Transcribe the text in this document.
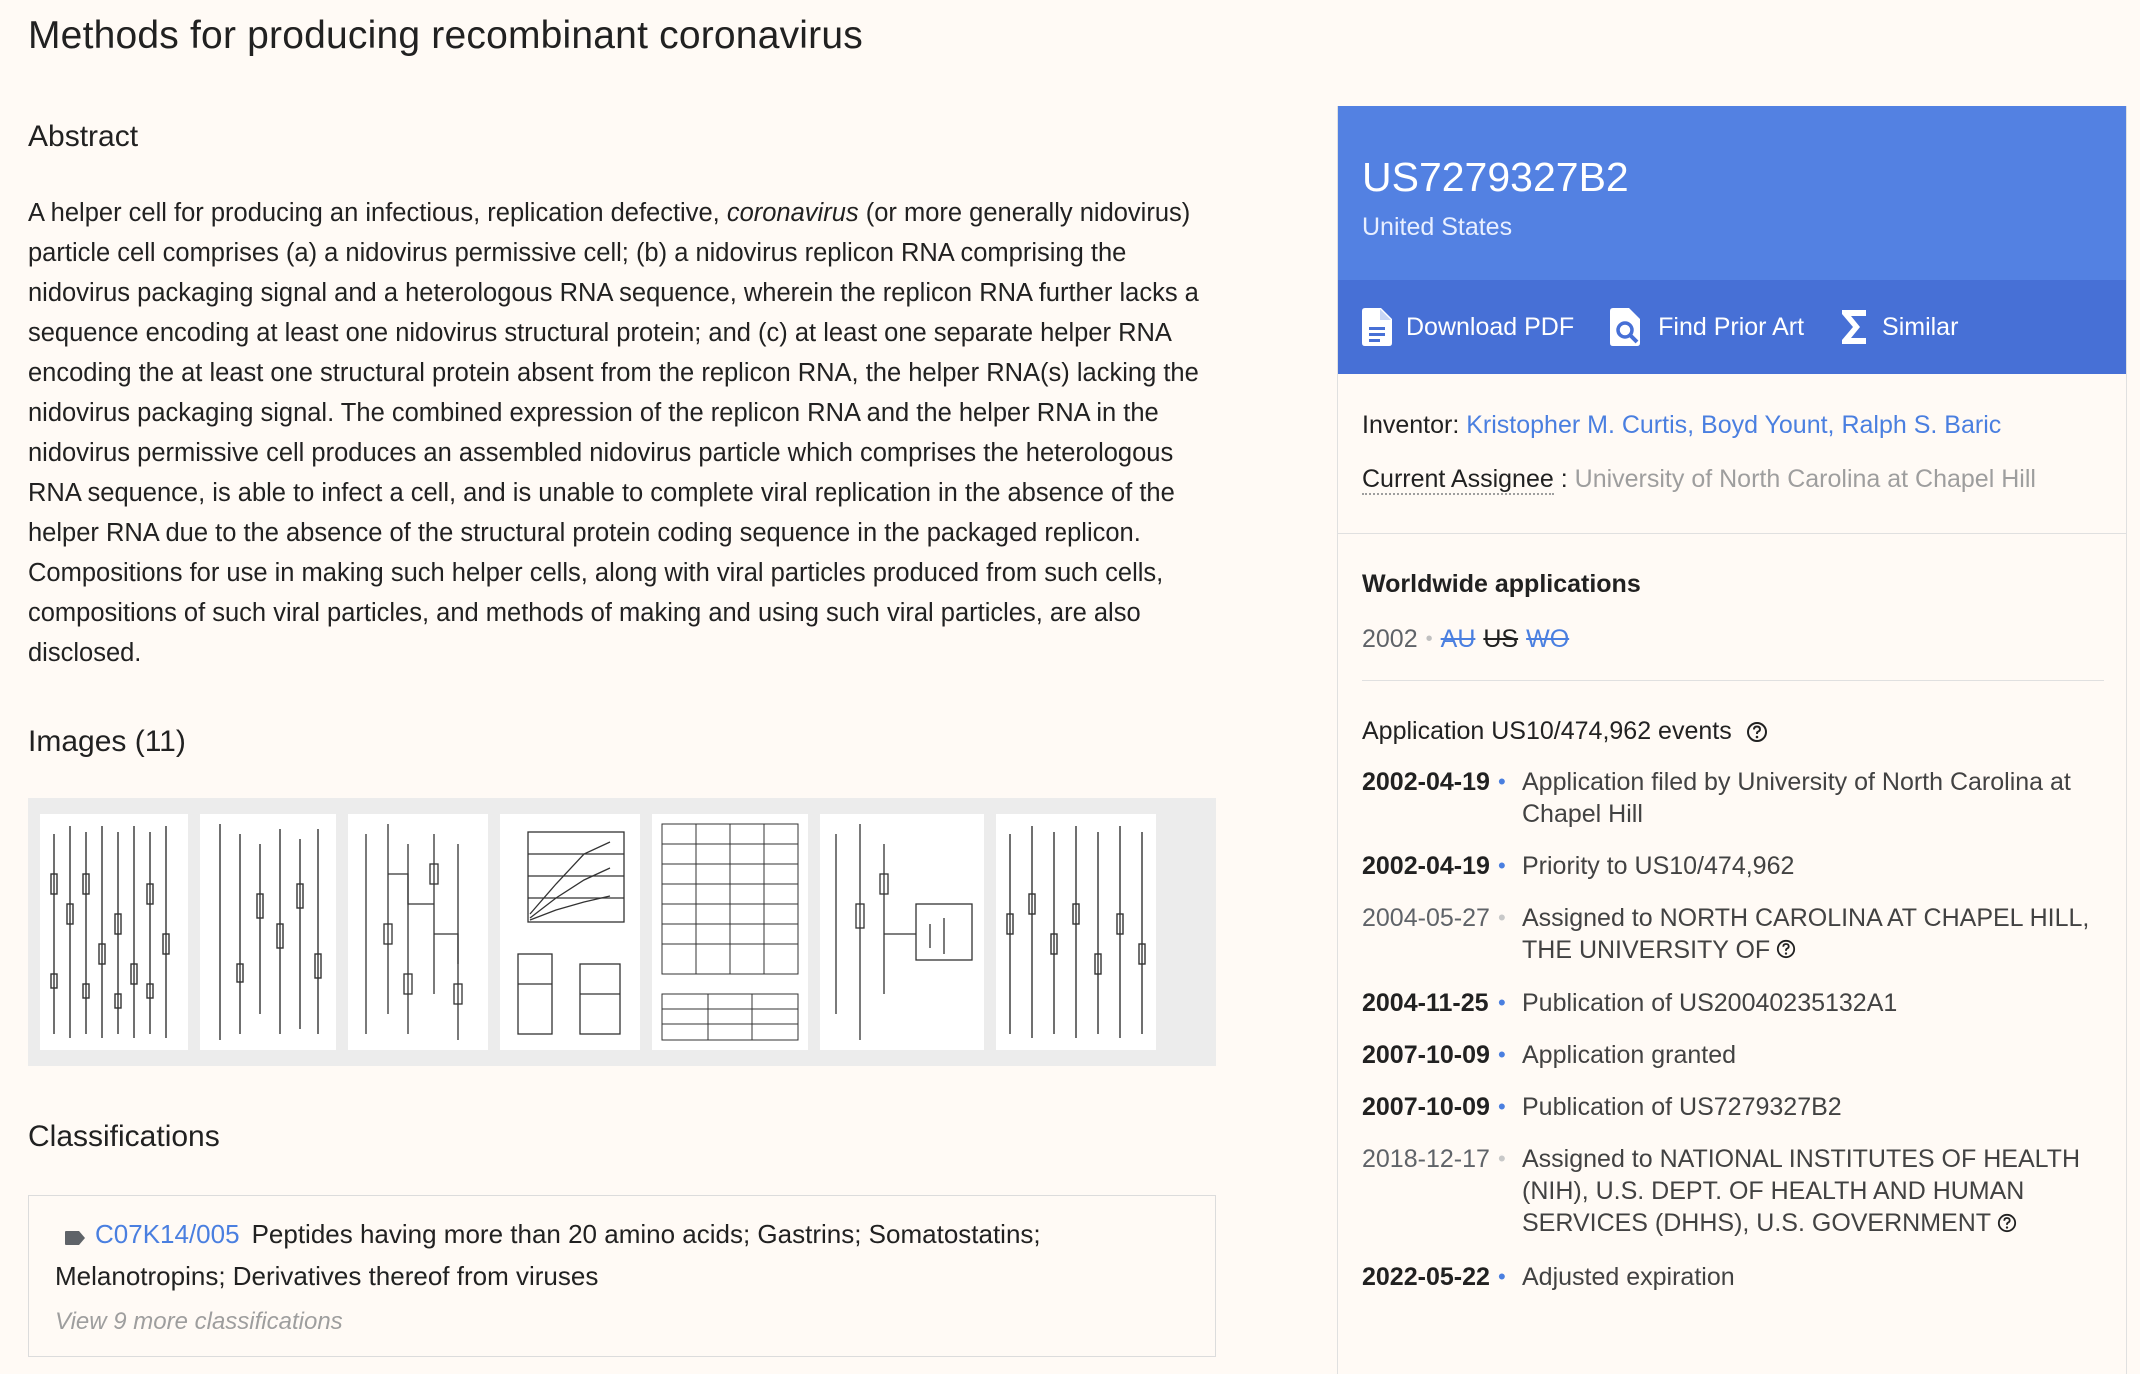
Methods for producing recombinant coronavirus
Abstract
A helper cell for producing an infectious, replication defective, coronavirus (or more generally nidovirus) particle cell comprises (a) a nidovirus permissive cell; (b) a nidovirus replicon RNA comprising the nidovirus packaging signal and a heterologous RNA sequence, wherein the replicon RNA further lacks a sequence encoding at least one nidovirus structural protein; and (c) at least one separate helper RNA encoding the at least one structural protein absent from the replicon RNA, the helper RNA(s) lacking the nidovirus packaging signal. The combined expression of the replicon RNA and the helper RNA in the nidovirus permissive cell produces an assembled nidovirus particle which comprises the heterologous RNA sequence, is able to infect a cell, and is unable to complete viral replication in the absence of the helper RNA due to the absence of the structural protein coding sequence in the packaged replicon. Compositions for use in making such helper cells, along with viral particles produced from such cells, compositions of such viral particles, and methods of making and using such viral particles, are also disclosed.
Images (11)
Classifications
C07K14/005 Peptides having more than 20 amino acids; Gastrins; Somatostatins; Melanotropins; Derivatives thereof from viruses
View 9 more classifications
US7279327B2
United States
Download PDF	Find Prior Art	Similar
Inventor: Kristopher M. Curtis, Boyd Yount, Ralph S. Baric
Current Assignee : University of North Carolina at Chapel Hill
Worldwide applications
2002 • AU US WO
Application US10/474,962 events
2002-04-19 • Application filed by University of North Carolina at Chapel Hill
2002-04-19 • Priority to US10/474,962
2004-05-27 • Assigned to NORTH CAROLINA AT CHAPEL HILL, THE UNIVERSITY OF
2004-11-25 • Publication of US20040235132A1
2007-10-09 • Application granted
2007-10-09 • Publication of US7279327B2
2018-12-17 • Assigned to NATIONAL INSTITUTES OF HEALTH (NIH), U.S. DEPT. OF HEALTH AND HUMAN SERVICES (DHHS), U.S. GOVERNMENT
2022-05-22 • Adjusted expiration
